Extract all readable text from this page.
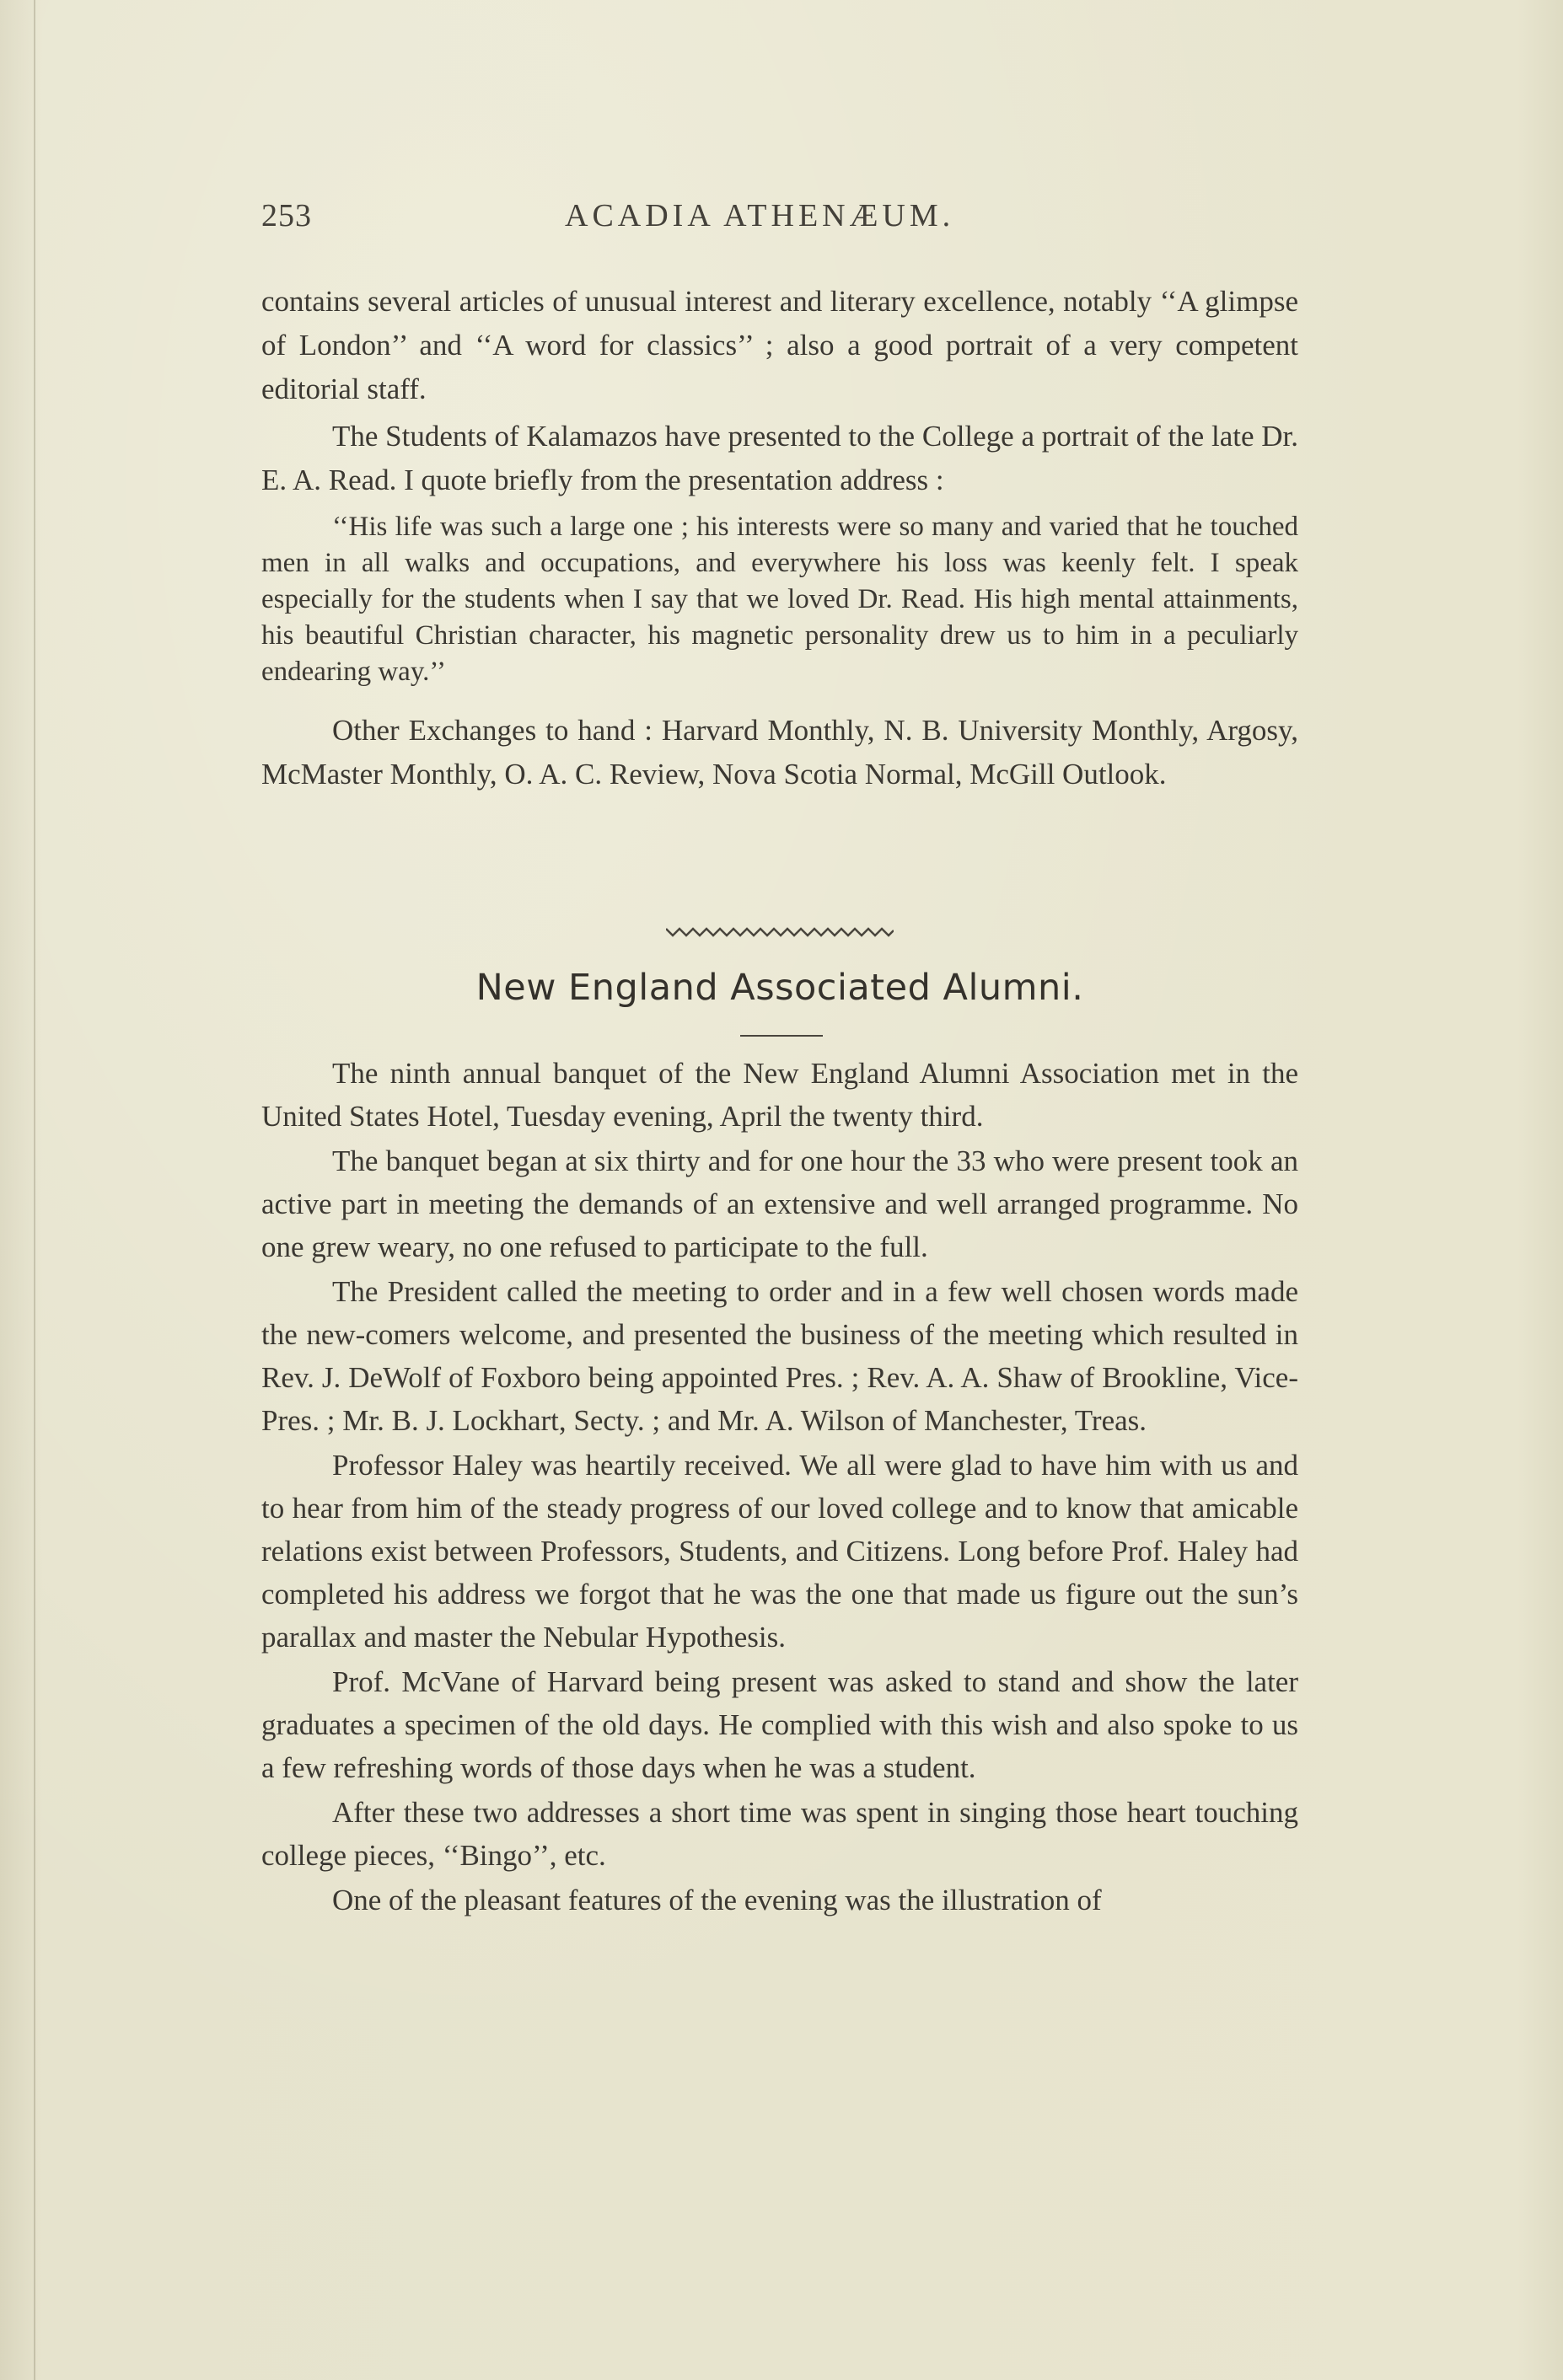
253	ACADIA ATHENÆUM.

contains several articles of unusual interest and literary excellence, notably ‘‘A glimpse of London’’ and ‘‘A word for classics’’ ; also a good portrait of a very competent editorial staff.

The Students of Kalamazos have presented to the College a portrait of the late Dr. E. A. Read. I quote briefly from the presentation address :

‘‘His life was such a large one ; his interests were so many and varied that he touched men in all walks and occupations, and everywhere his loss was keenly felt. I speak especially for the students when I say that we loved Dr. Read. His high mental attainments, his beautiful Christian character, his magnetic personality drew us to him in a peculiarly endearing way.’’

Other Exchanges to hand : Harvard Monthly, N. B. University Monthly, Argosy, McMaster Monthly, O. A. C. Review, Nova Scotia Normal, McGill Outlook.

New England Associated Alumni.

The ninth annual banquet of the New England Alumni Association met in the United States Hotel, Tuesday evening, April the twenty third.

The banquet began at six thirty and for one hour the 33 who were present took an active part in meeting the demands of an extensive and well arranged programme. No one grew weary, no one refused to participate to the full.

The President called the meeting to order and in a few well chosen words made the new-comers welcome, and presented the business of the meeting which resulted in Rev. J. DeWolf of Foxboro being appointed Pres. ; Rev. A. A. Shaw of Brookline, Vice-Pres. ; Mr. B. J. Lockhart, Secty. ; and Mr. A. Wilson of Manchester, Treas.

Professor Haley was heartily received. We all were glad to have him with us and to hear from him of the steady progress of our loved college and to know that amicable relations exist between Professors, Students, and Citizens. Long before Prof. Haley had completed his address we forgot that he was the one that made us figure out the sun’s parallax and master the Nebular Hypothesis.

Prof. McVane of Harvard being present was asked to stand and show the later graduates a specimen of the old days. He complied with this wish and also spoke to us a few refreshing words of those days when he was a student.

After these two addresses a short time was spent in singing those heart touching college pieces, ‘‘Bingo’’, etc.

One of the pleasant features of the evening was the illustration of
